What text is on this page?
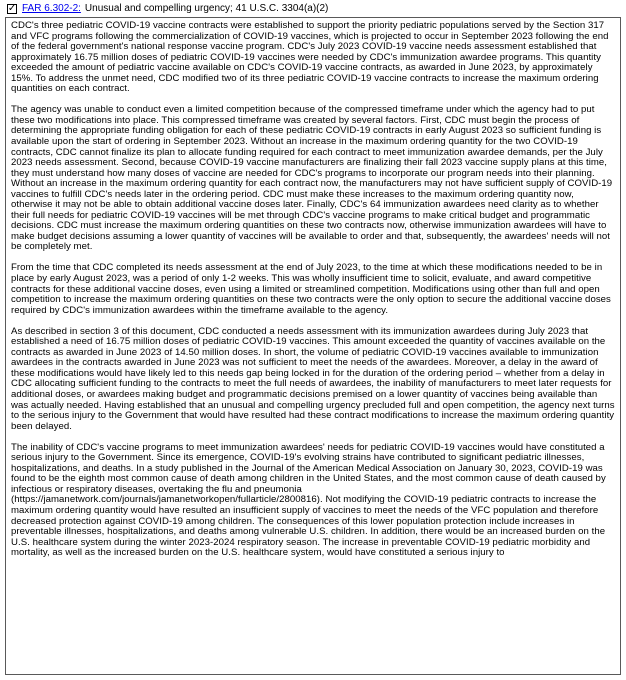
✓ FAR 6.302-2: Unusual and compelling urgency; 41 U.S.C. 3304(a)(2)

CDC's three pediatric COVID-19 vaccine contracts were established to support the priority pediatric populations served by the Section 317 and VFC programs following the commercialization of COVID-19 vaccines, which is projected to occur in September 2023 following the end of the federal government's national response vaccine program. CDC's July 2023 COVID-19 vaccine needs assessment established that approximately 16.75 million doses of pediatric COVID-19 vaccines were needed by CDC's immunization awardee programs. This quantity exceeded the amount of pediatric vaccine available on CDC's COVID-19 vaccine contracts, as awarded in June 2023, by approximately 15%. To address the unmet need, CDC modified two of its three pediatric COVID-19 vaccine contracts to increase the maximum ordering quantities on each contract.

The agency was unable to conduct even a limited competition because of the compressed timeframe under which the agency had to put these two modifications into place. This compressed timeframe was created by several factors. First, CDC must begin the process of determining the appropriate funding obligation for each of these pediatric COVID-19 contracts in early August 2023 so sufficient funding is available upon the start of ordering in September 2023. Without an increase in the maximum ordering quantity for the two COVID-19 contracts, CDC cannot finalize its plan to allocate funding required for each contract to meet immunization awardee demands, per the July 2023 needs assessment. Second, because COVID-19 vaccine manufacturers are finalizing their fall 2023 vaccine supply plans at this time, they must understand how many doses of vaccine are needed for CDC's programs to incorporate our program needs into their planning. Without an increase in the maximum ordering quantity for each contract now, the manufacturers may not have sufficient supply of COVID-19 vaccines to fulfill CDC's needs later in the ordering period. CDC must make these increases to the maximum ordering quantity now, otherwise it may not be able to obtain additional vaccine doses later. Finally, CDC's 64 immunization awardees need clarity as to whether their full needs for pediatric COVID-19 vaccines will be met through CDC's vaccine programs to make critical budget and programmatic decisions. CDC must increase the maximum ordering quantities on these two contracts now, otherwise immunization awardees will have to make budget decisions assuming a lower quantity of vaccines will be available to order and that, subsequently, the awardees' needs will not be completely met.

From the time that CDC completed its needs assessment at the end of July 2023, to the time at which these modifications needed to be in place by early August 2023, was a period of only 1-2 weeks. This was wholly insufficient time to solicit, evaluate, and award competitive contracts for these additional vaccine doses, even using a limited or streamlined competition. Modifications using other than full and open competition to increase the maximum ordering quantities on these two contracts were the only option to secure the additional vaccine doses required by CDC's immunization awardees within the timeframe available to the agency.

As described in section 3 of this document, CDC conducted a needs assessment with its immunization awardees during July 2023 that established a need of 16.75 million doses of pediatric COVID-19 vaccines. This amount exceeded the quantity of vaccines available on the contracts as awarded in June 2023 of 14.50 million doses. In short, the volume of pediatric COVID-19 vaccines available to immunization awardees in the contracts awarded in June 2023 was not sufficient to meet the needs of the awardees. Moreover, a delay in the award of these modifications would have likely led to this needs gap being locked in for the duration of the ordering period – whether from a delay in CDC allocating sufficient funding to the contracts to meet the full needs of awardees, the inability of manufacturers to meet later requests for additional doses, or awardees making budget and programmatic decisions premised on a lower quantity of vaccines being available than was actually needed. Having established that an unusual and compelling urgency precluded full and open competition, the agency next turns to the serious injury to the Government that would have resulted had these contract modifications to increase the maximum ordering quantity been delayed.

The inability of CDC's vaccine programs to meet immunization awardees' needs for pediatric COVID-19 vaccines would have constituted a serious injury to the Government. Since its emergence, COVID-19's evolving strains have contributed to significant pediatric illnesses, hospitalizations, and deaths. In a study published in the Journal of the American Medical Association on January 30, 2023, COVID-19 was found to be the eighth most common cause of death among children in the United States, and the most common cause of death caused by infectious or respiratory diseases, overtaking the flu and pneumonia (https://jamanetwork.com/journals/jamanetworkopen/fullarticle/2800816). Not modifying the COVID-19 pediatric contracts to increase the maximum ordering quantity would have resulted an insufficient supply of vaccines to meet the needs of the VFC population and therefore decreased protection against COVID-19 among children. The consequences of this lower population protection include increases in preventable illnesses, hospitalizations, and deaths among vulnerable U.S. children. In addition, there would be an increased burden on the U.S. healthcare system during the winter 2023-2024 respiratory season. The increase in preventable COVID-19 pediatric morbidity and mortality, as well as the increased burden on the U.S. healthcare system, would have constituted a serious injury to
